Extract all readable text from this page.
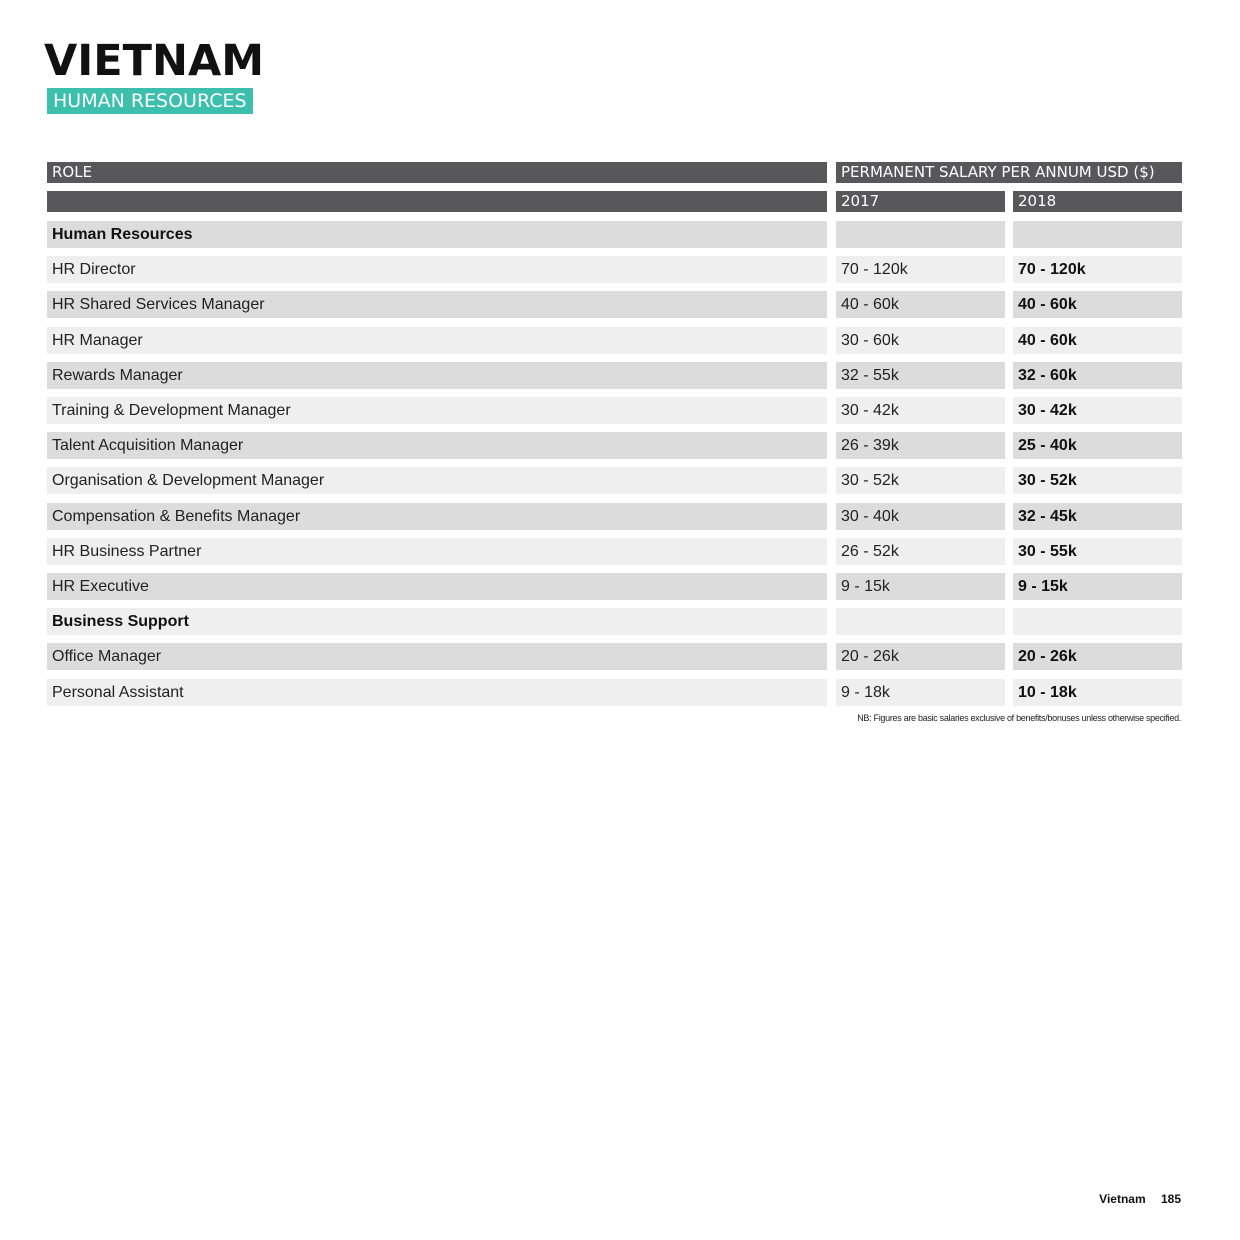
VIETNAM
HUMAN RESOURCES
ROLE	PERMANENT SALARY PER ANNUM USD ($)
2017	2018
Human Resources
HR Director	70 - 120k	70 - 120k
HR Shared Services Manager	40 - 60k	40 - 60k
HR Manager	30 - 60k	40 - 60k
Rewards Manager	32 - 55k	32 - 60k
Training & Development Manager	30 - 42k	30 - 42k
Talent Acquisition Manager	26 - 39k	25 - 40k
Organisation & Development Manager	30 - 52k	30 - 52k
Compensation & Benefits Manager	30 - 40k	32 - 45k
HR Business Partner	26 - 52k	30 - 55k
HR Executive	9 - 15k	9 - 15k
Business Support
Office Manager	20 - 26k	20 - 26k
Personal Assistant	9 - 18k	10 - 18k
NB: Figures are basic salaries exclusive of benefits/bonuses unless otherwise specified.
Vietnam 185
